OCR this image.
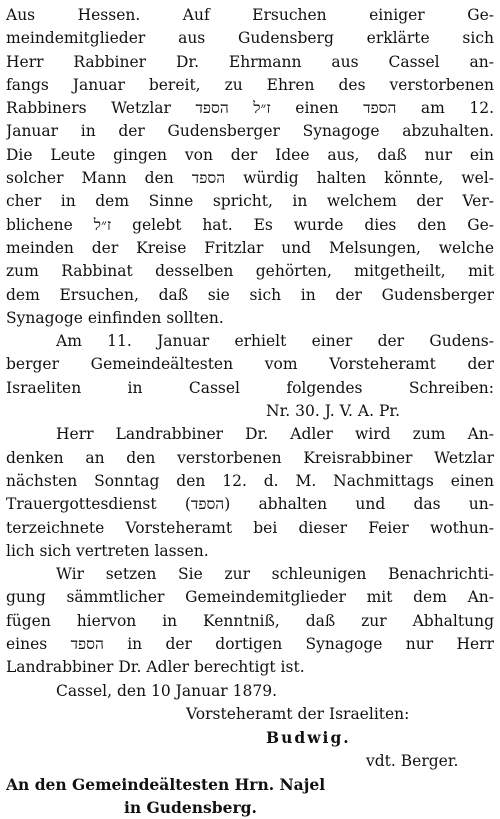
Aus Hessen. Auf Ersuchen einiger Ge-
meindemitglieder aus Gudensberg erklärte sich
Herr Rabbiner Dr. Ehrmann aus Cassel an-
fangs Januar bereit, zu Ehren des verstorbenen
Rabbiners Wetzlar ז״ל הספד einen הספד am 12.
Januar in der Gudensberger Synagoge abzuhalten.
Die Leute gingen von der Idee aus, daß nur ein
solcher Mann den הספד würdig halten könnte, wel-
cher in dem Sinne spricht, in welchem der Ver-
blichene ז״ל gelebt hat. Es wurde dies den Ge-
meinden der Kreise Fritzlar und Melsungen, welche
zum Rabbinat desselben gehörten, mitgetheilt, mit
dem Ersuchen, daß sie sich in der Gudensberger
Synagoge einfinden sollten.
Am 11. Januar erhielt einer der Gudens-
berger Gemeindeältesten vom Vorsteheramt der
Israeliten in Cassel folgendes Schreiben:
Nr. 30. J. V. A. Pr.
Herr Landrabbiner Dr. Adler wird zum An-
denken an den verstorbenen Kreisrabbiner Wetzlar
nächsten Sonntag den 12. d. M. Nachmittags einen
Trauergottesdienst (הספד) abhalten und das un-
terzeichnete Vorsteheramt bei dieser Feier wothun-
lich sich vertreten lassen.
Wir setzen Sie zur schleunigen Benachrichti-
gung sämmtlicher Gemeindemitglieder mit dem An-
fügen hiervon in Kenntniß, daß zur Abhaltung
eines הספד in der dortigen Synagoge nur Herr
Landrabbiner Dr. Adler berechtigt ist.
Cassel, den 10 Januar 1879.
Vorsteheramt der Israeliten:
Budwig.
vdt. Berger.
An den Gemeindeältesten Hrn. Najel
in Gudensberg.
